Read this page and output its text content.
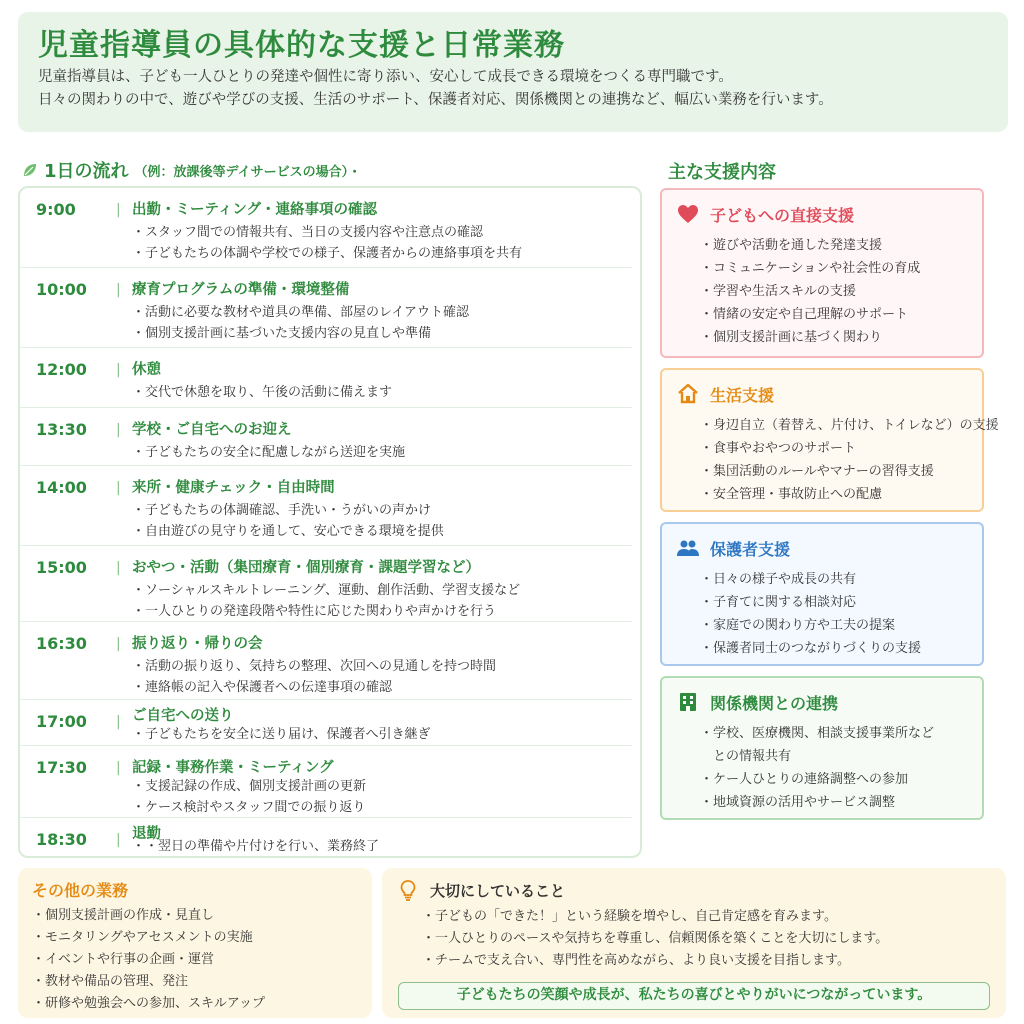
児童指導員の具体的な支援と日常業務

児童指導員は、子ども一人ひとりの発達や個性に寄り添い、安心して成長できる環境をつくる専門職です。

日々の関わりの中で、遊びや学びの支援、生活のサポート、保護者対応、関係機関との連携など、幅広い業務を行います。

1日の流れ （例：放課後等デイサービスの場合）・
9:00	| 出勤・ミーティング・連絡事項の確認
・スタッフ間での情報共有、当日の支援内容や注意点の確認
・子どもたちの体調や学校での様子、保護者からの連絡事項を共有
10:00 | 療育プログラムの準備・環境整備
・活動に必要な教材や道具の準備、部屋のレイアウト確認
・個別支援計画に基づいた支援内容の見直しや準備
12:00 | 休憩
・交代で休憩を取り、午後の活動に備えます
13:30 | 学校・ご自宅へのお迎え
・子どもたちの安全に配慮しながら送迎を実施
14:00 | 来所・健康チェック・自由時間
・子どもたちの体調確認、手洗い・うがいの声かけ
・自由遊びの見守りを通して、安心できる環境を提供
15:00 | おやつ・活動（集団療育・個別療育・課題学習など）
・ソーシャルスキルトレーニング、運動、創作活動、学習支援など
・一人ひとりの発達段階や特性に応じた関わりや声かけを行う
16:30 | 振り返り・帰りの会
・活動の振り返り、気持ちの整理、次回への見通しを持つ時間
・連絡帳の記入や保護者への伝達事項の確認
17:00 | ご自宅への送り
・子どもたちを安全に送り届け、保護者へ引き継ぎ
17:30 | 記録・事務作業・ミーティング
・支援記録の作成、個別支援計画の更新
・ケース検討やスタッフ間での振り返り
18:30 | 退勤
・・翌日の準備や片付けを行い、業務終了
主な支援内容
子どもへの直接支援
・遊びや活動を通した発達支援
・コミュニケーションや社会性の育成
・学習や生活スキルの支援
・情緒の安定や自己理解のサポート
・個別支援計画に基づく関わり
生活支援
・身辺自立（着替え、片付け、トイレなど）の支援
・食事やおやつのサポート
・集団活動のルールやマナーの習得支援
・安全管理・事故防止への配慮
保護者支援
・日々の様子や成長の共有
・子育てに関する相談対応
・家庭での関わり方や工夫の提案
・保護者同士のつながりづくりの支援
関係機関との連携
・学校、医療機関、相談支援事業所など
　との情報共有
・ケー人ひとりの連絡調整への参加
・地域資源の活用やサービス調整
その他の業務
・個別支援計画の作成・見直し
・モニタリングやアセスメントの実施
・イベントや行事の企画・運営
・教材や備品の管理、発注
・研修や勉強会への参加、スキルアップ
大切にしていること
・子どもの「できた！」という経験を増やし、自己肯定感を育みます。
・一人ひとりのペースや気持ちを尊重し、信頼関係を築くことを大切にします。
・チームで支え合い、専門性を高めながら、より良い支援を目指します。
子どもたちの笑顔や成長が、私たちの喜びとやりがいにつながっています。
